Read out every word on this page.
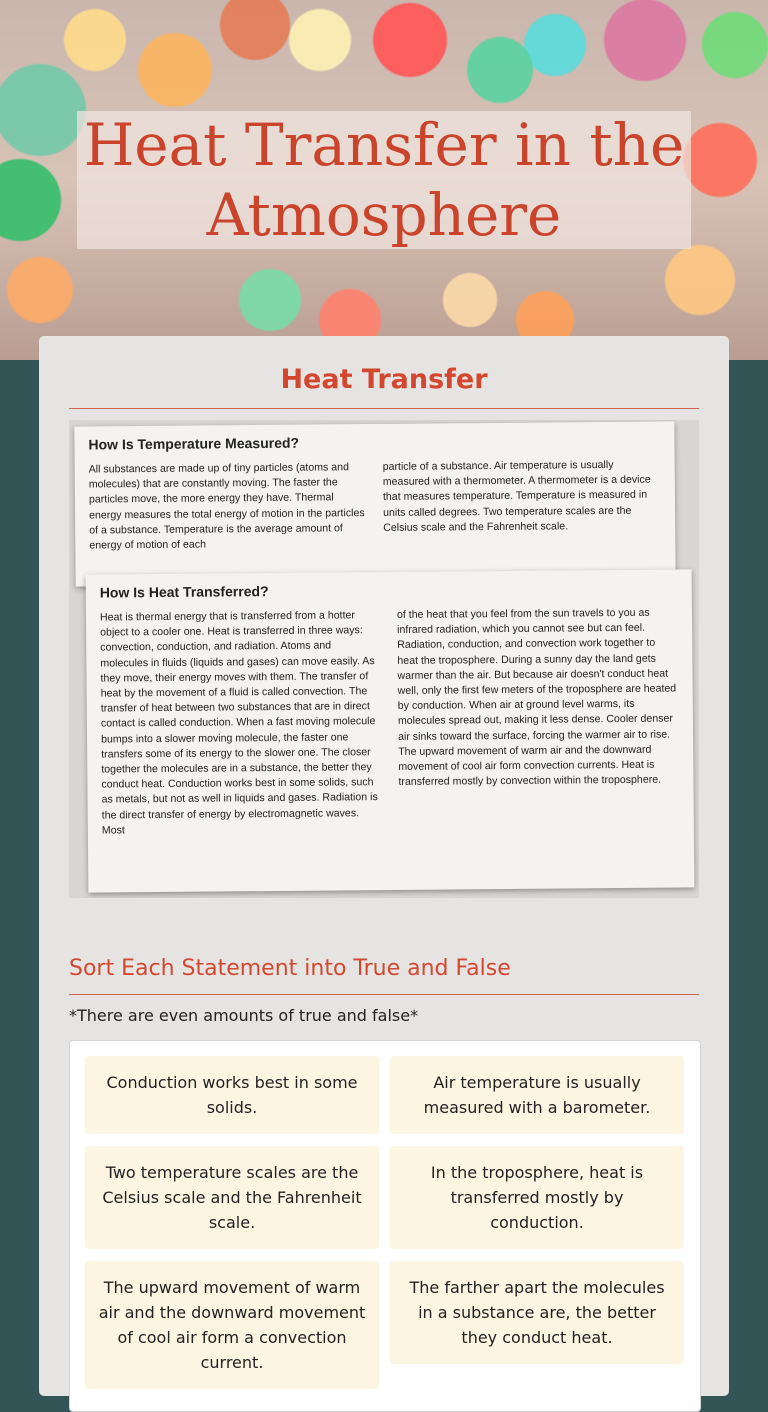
Heat Transfer in the Atmosphere
Heat Transfer
How Is Temperature Measured?
All substances are made up of tiny particles (atoms and molecules) that are constantly moving. The faster the particles move, the more energy they have. Thermal energy measures the total energy of motion in the particles of a substance. Temperature is the average amount of energy of motion of each
particle of a substance. Air temperature is usually measured with a thermometer. A thermometer is a device that measures temperature. Temperature is measured in units called degrees. Two temperature scales are the Celsius scale and the Fahrenheit scale.
How Is Heat Transferred?
Heat is thermal energy that is transferred from a hotter object to a cooler one. Heat is transferred in three ways: convection, conduction, and radiation. Atoms and molecules in fluids (liquids and gases) can move easily. As they move, their energy moves with them. The transfer of heat by the movement of a fluid is called convection. The transfer of heat between two substances that are in direct contact is called conduction. When a fast moving molecule bumps into a slower moving molecule, the faster one transfers some of its energy to the slower one. The closer together the molecules are in a substance, the better they conduct heat. Conduction works best in some solids, such as metals, but not as well in liquids and gases. Radiation is the direct transfer of energy by electromagnetic waves. Most
of the heat that you feel from the sun travels to you as infrared radiation, which you cannot see but can feel. Radiation, conduction, and convection work together to heat the troposphere. During a sunny day the land gets warmer than the air. But because air doesn't conduct heat well, only the first few meters of the troposphere are heated by conduction. When air at ground level warms, its molecules spread out, making it less dense. Cooler denser air sinks toward the surface, forcing the warmer air to rise. The upward movement of warm air and the downward movement of cool air form convection currents. Heat is transferred mostly by convection within the troposphere.
Sort Each Statement into True and False

*There are even amounts of true and false*

Conduction works best in some solids.
Air temperature is usually measured with a barometer.
Two temperature scales are the Celsius scale and the Fahrenheit scale.
In the troposphere, heat is transferred mostly by conduction.
The upward movement of warm air and the downward movement of cool air form a convection current.
The farther apart the molecules in a substance are, the better they conduct heat.
